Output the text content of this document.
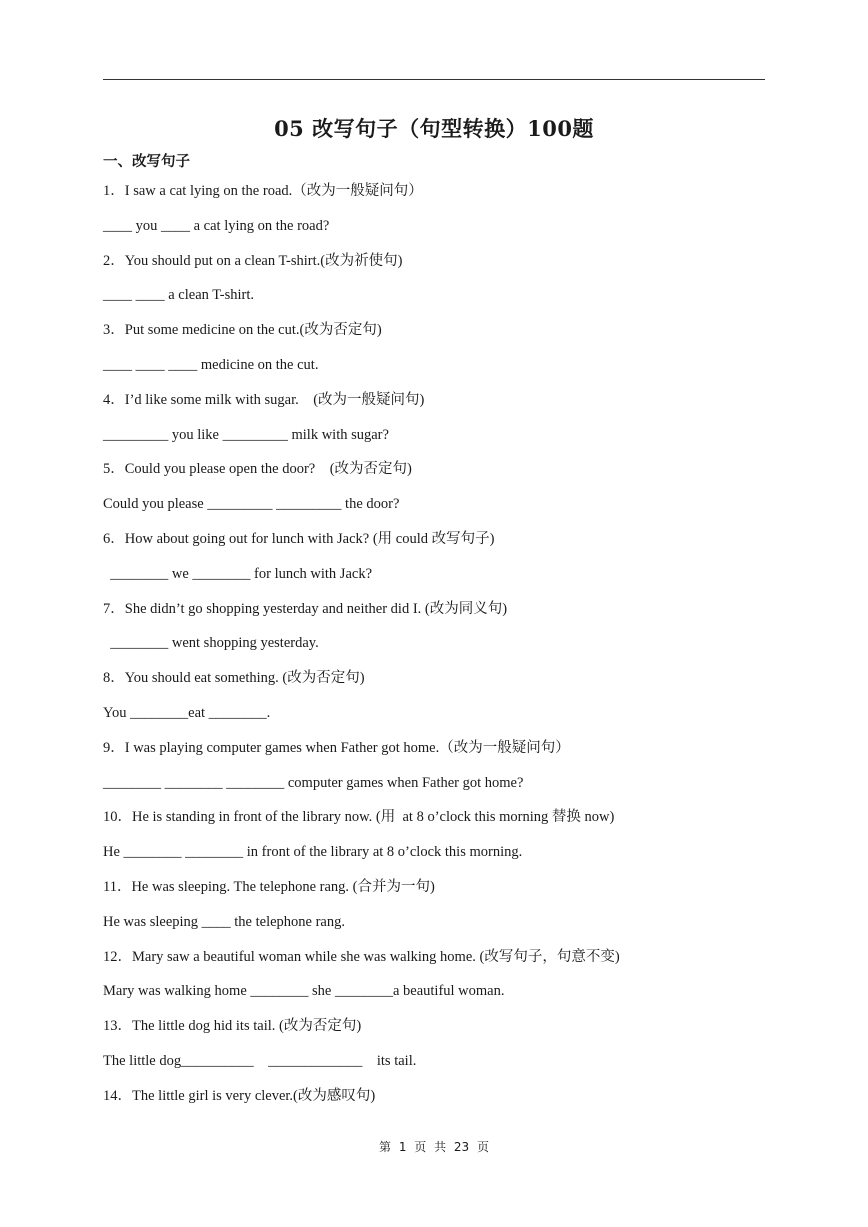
05 改写句子（句型转换）100题
一、改写句子
1．I saw a cat lying on the road.（改为一般疑问句）
____ you ____ a cat lying on the road?
2．You should put on a clean T-shirt.(改为祈使句)
____ ____ a clean T-shirt.
3．Put some medicine on the cut.(改为否定句)
____ ____ ____ medicine on the cut.
4．I’d like some milk with sugar.    (改为一般疑问句)
_________ you like _________ milk with sugar?
5．Could you please open the door?    (改为否定句)
Could you please _________ _________ the door?
6．How about going out for lunch with Jack? (用 could 改写句子)
________ we ________ for lunch with Jack?
7．She didn’t go shopping yesterday and neither did I. (改为同义句)
________ went shopping yesterday.
8．You should eat something. (改为否定句)
You ________eat ________.
9．I was playing computer games when Father got home.（改为一般疑问句）
________ ________ ________ computer games when Father got home?
10．He is standing in front of the library now. (用  at 8 o’clock this morning 替换 now)
He ________ ________ in front of the library at 8 o’clock this morning.
11．He was sleeping. The telephone rang. (合并为一句)
He was sleeping ____ the telephone rang.
12．Mary saw a beautiful woman while she was walking home. (改写句子，句意不变)
Mary was walking home ________ she ________a beautiful woman.
13．The little dog hid its tail. (改为否定句)
The little dog__________    _____________    its tail.
14．The little girl is very clever.(改为感叹句)
第 1 页 共 23 页
